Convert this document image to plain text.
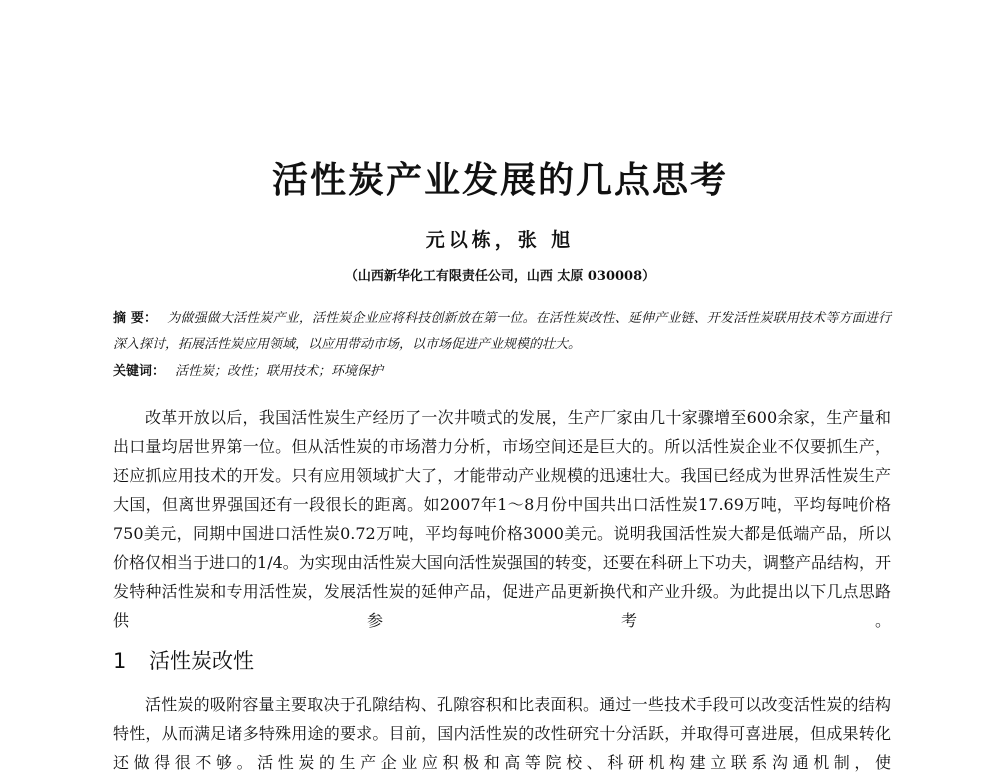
活性炭产业发展的几点思考
元以栋，张 旭
（山西新华化工有限责任公司，山西 太原 030008）
摘 要： 为做强做大活性炭产业，活性炭企业应将科技创新放在第一位。在活性炭改性、延伸产业链、开发活性炭联用技术等方面进行深入探讨，拓展活性炭应用领域，以应用带动市场，以市场促进产业规模的壮大。
关键词： 活性炭；改性；联用技术；环境保护

改革开放以后，我国活性炭生产经历了一次井喷式的发展，生产厂家由几十家骤增至600余家，生产量和出口量均居世界第一位。但从活性炭的市场潜力分析，市场空间还是巨大的。所以活性炭企业不仅要抓生产，还应抓应用技术的开发。只有应用领域扩大了，才能带动产业规模的迅速壮大。我国已经成为世界活性炭生产大国，但离世界强国还有一段很长的距离。如2007年1～8月份中国共出口活性炭17.69万吨，平均每吨价格750美元，同期中国进口活性炭0.72万吨，平均每吨价格3000美元。说明我国活性炭大都是低端产品，所以价格仅相当于进口的1/4。为实现由活性炭大国向活性炭强国的转变，还要在科研上下功夫，调整产品结构，开发特种活性炭和专用活性炭，发展活性炭的延伸产品，促进产品更新换代和产业升级。为此提出以下几点思路供参考。

1 活性炭改性

活性炭的吸附容量主要取决于孔隙结构、孔隙容积和比表面积。通过一些技术手段可以改变活性炭的结构特性，从而满足诸多特殊用途的要求。目前，国内活性炭的改性研究十分活跃，并取得可喜进展，但成果转化还做得很不够。活性炭的生产企业应积极和高等院校、科研机构建立联系沟通机制，使
